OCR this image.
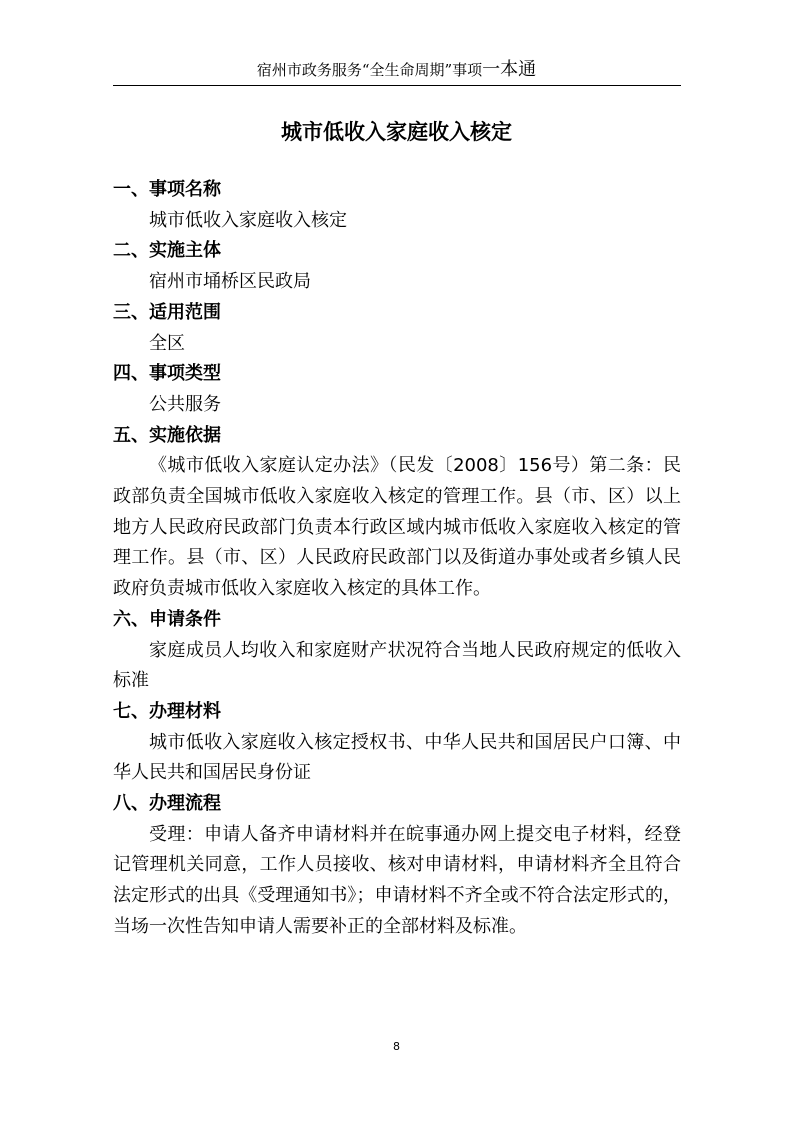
宿州市政务服务“全生命周期”事项一本通
城市低收入家庭收入核定

一、事项名称

城市低收入家庭收入核定

二、实施主体

宿州市埇桥区民政局

三、适用范围

全区

四、事项类型

公共服务

五、实施依据

《城市低收入家庭认定办法》（民发〔2008〕156号）第二条：民政部负责全国城市低收入家庭收入核定的管理工作。县（市、区）以上地方人民政府民政部门负责本行政区域内城市低收入家庭收入核定的管理工作。县（市、区）人民政府民政部门以及街道办事处或者乡镇人民政府负责城市低收入家庭收入核定的具体工作。

六、申请条件

家庭成员人均收入和家庭财产状况符合当地人民政府规定的低收入标准

七、办理材料

城市低收入家庭收入核定授权书、中华人民共和国居民户口簿、中华人民共和国居民身份证

八、办理流程

受理：申请人备齐申请材料并在皖事通办网上提交电子材料，经登记管理机关同意，工作人员接收、核对申请材料，申请材料齐全且符合法定形式的出具《受理通知书》；申请材料不齐全或不符合法定形式的，当场一次性告知申请人需要补正的全部材料及标准。

8
